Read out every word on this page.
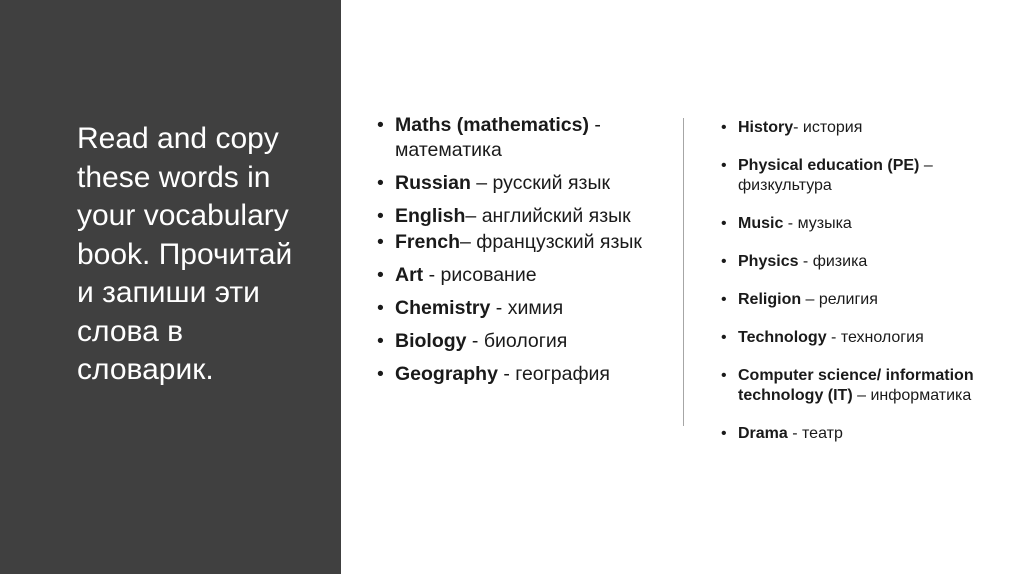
Read and copy these words in your vocabulary book. Прочитай и запиши эти слова в словарик.
• Maths (mathematics) - математика
• Russian – русский язык
• English– английский язык
• French– французский язык
• Art - рисование
• Chemistry - химия
• Biology - биология
• Geography - география
• History- история
• Physical education (PE) – физкультура
• Music - музыка
• Physics - физика
• Religion – религия
• Technology - технология
• Computer science/ information technology (IT) – информатика
• Drama - театр
